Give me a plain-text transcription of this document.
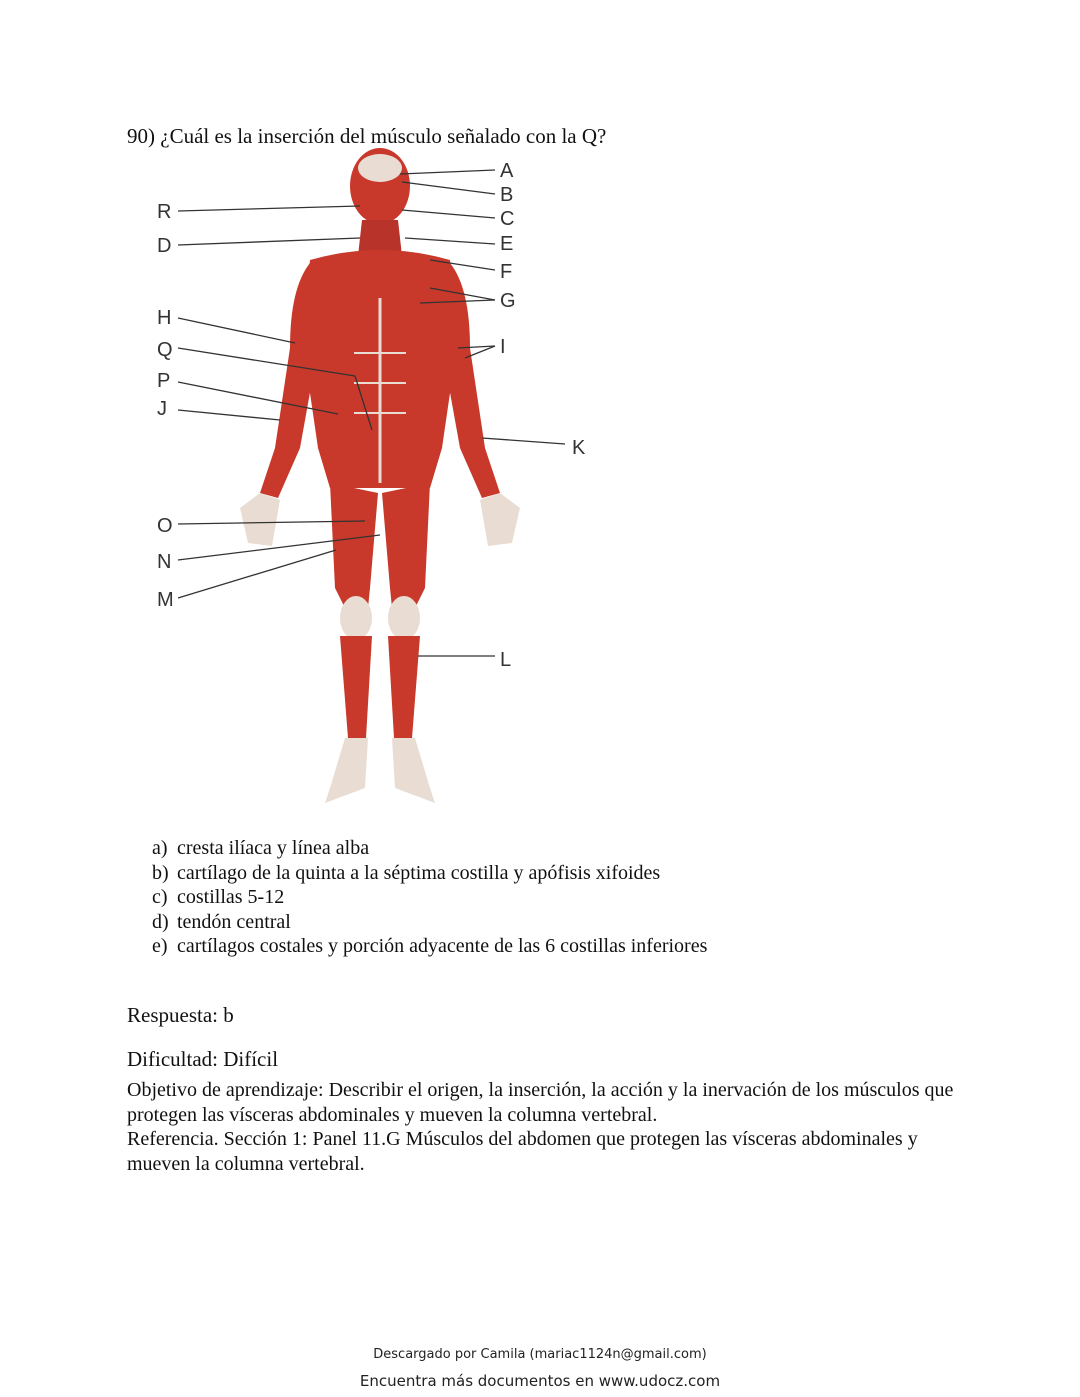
90) ¿Cuál es la inserción del músculo señalado con la Q?
A
B
C
E
F
G
I
K
L
R
D
H
Q
P
J
O
N
M
a) cresta ilíaca y línea alba
b) cartílago de la quinta a la séptima costilla y apófisis xifoides
c) costillas 5-12
d) tendón central
e) cartílagos costales y porción adyacente de las 6 costillas inferiores
Respuesta: b
Dificultad: Difícil
Objetivo de aprendizaje: Describir el origen, la inserción, la acción y la inervación de los músculos que protegen las vísceras abdominales y mueven la columna vertebral.
Referencia. Sección 1: Panel 11.G Músculos del abdomen que protegen las vísceras abdominales y mueven la columna vertebral.
Descargado por Camila (mariac1124n@gmail.com)
Encuentra más documentos en www.udocz.com
